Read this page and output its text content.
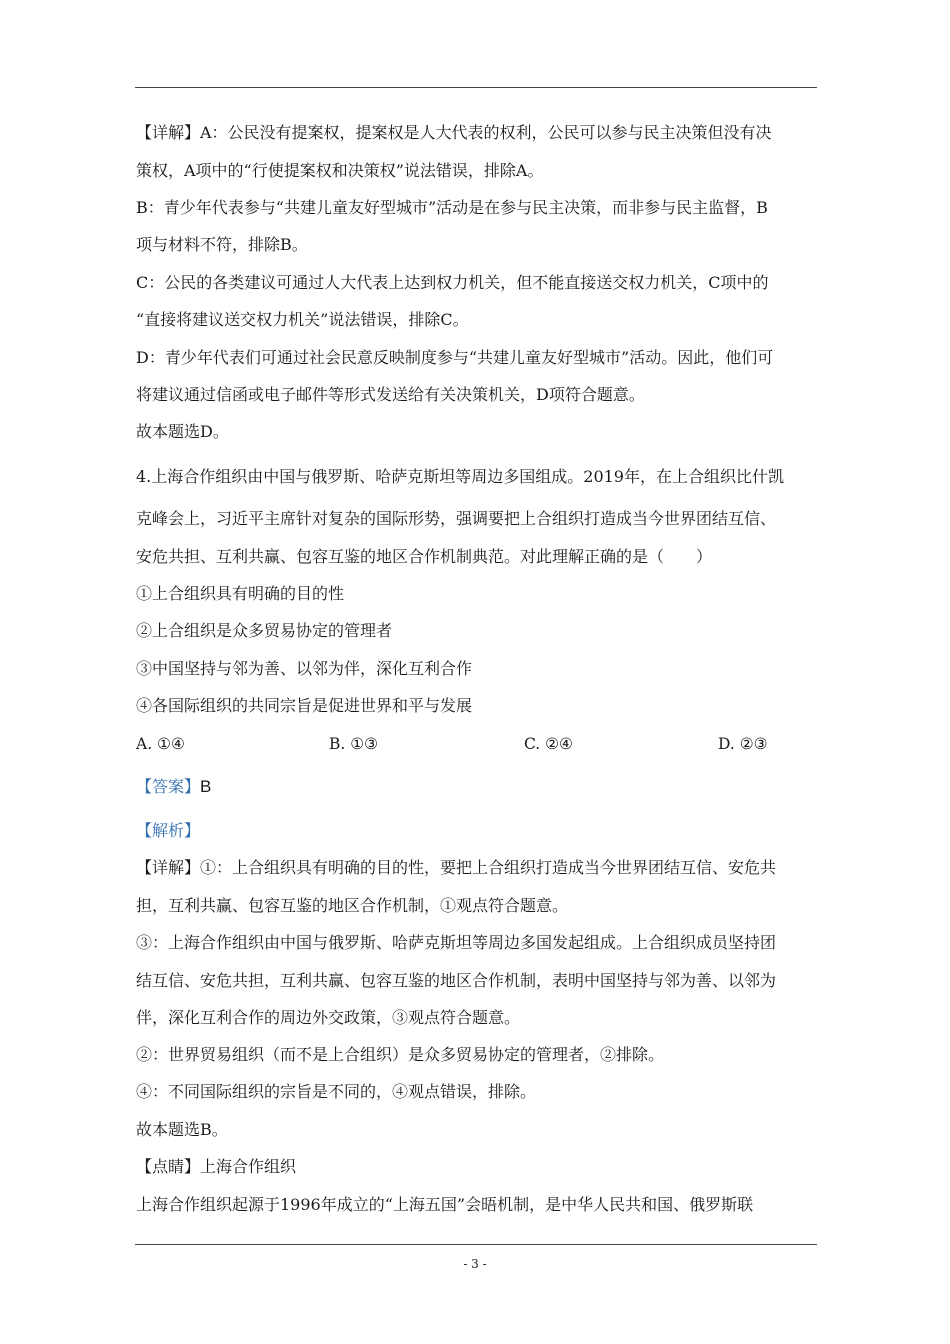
【详解】A：公民没有提案权，提案权是人大代表的权利，公民可以参与民主决策但没有决
策权，A项中的“行使提案权和决策权”说法错误，排除A。
B：青少年代表参与“共建儿童友好型城市”活动是在参与民主决策，而非参与民主监督，B
项与材料不符，排除B。
C：公民的各类建议可通过人大代表上达到权力机关，但不能直接送交权力机关，C项中的
“直接将建议送交权力机关”说法错误，排除C。
D：青少年代表们可通过社会民意反映制度参与“共建儿童友好型城市”活动。因此，他们可
将建议通过信函或电子邮件等形式发送给有关决策机关，D项符合题意。
故本题选D。
4.上海合作组织由中国与俄罗斯、哈萨克斯坦等周边多国组成。2019年，在上合组织比什凯
克峰会上，习近平主席针对复杂的国际形势，强调要把上合组织打造成当今世界团结互信、
安危共担、互利共赢、包容互鉴的地区合作机制典范。对此理解正确的是（　　）
①上合组织具有明确的目的性
②上合组织是众多贸易协定的管理者
③中国坚持与邻为善、以邻为伴，深化互利合作
④各国际组织的共同宗旨是促进世界和平与发展
A. ①④	B. ①③	C. ②④	D. ②③
【答案】B
【解析】
【详解】①：上合组织具有明确的目的性，要把上合组织打造成当今世界团结互信、安危共
担，互利共赢、包容互鉴的地区合作机制，①观点符合题意。
③：上海合作组织由中国与俄罗斯、哈萨克斯坦等周边多国发起组成。上合组织成员坚持团
结互信、安危共担，互利共赢、包容互鉴的地区合作机制，表明中国坚持与邻为善、以邻为
伴，深化互利合作的周边外交政策，③观点符合题意。
②：世界贸易组织（而不是上合组织）是众多贸易协定的管理者，②排除。
④：不同国际组织的宗旨是不同的，④观点错误，排除。
故本题选B。
【点睛】上海合作组织
上海合作组织起源于1996年成立的“上海五国”会晤机制，是中华人民共和国、俄罗斯联
- 3 -
